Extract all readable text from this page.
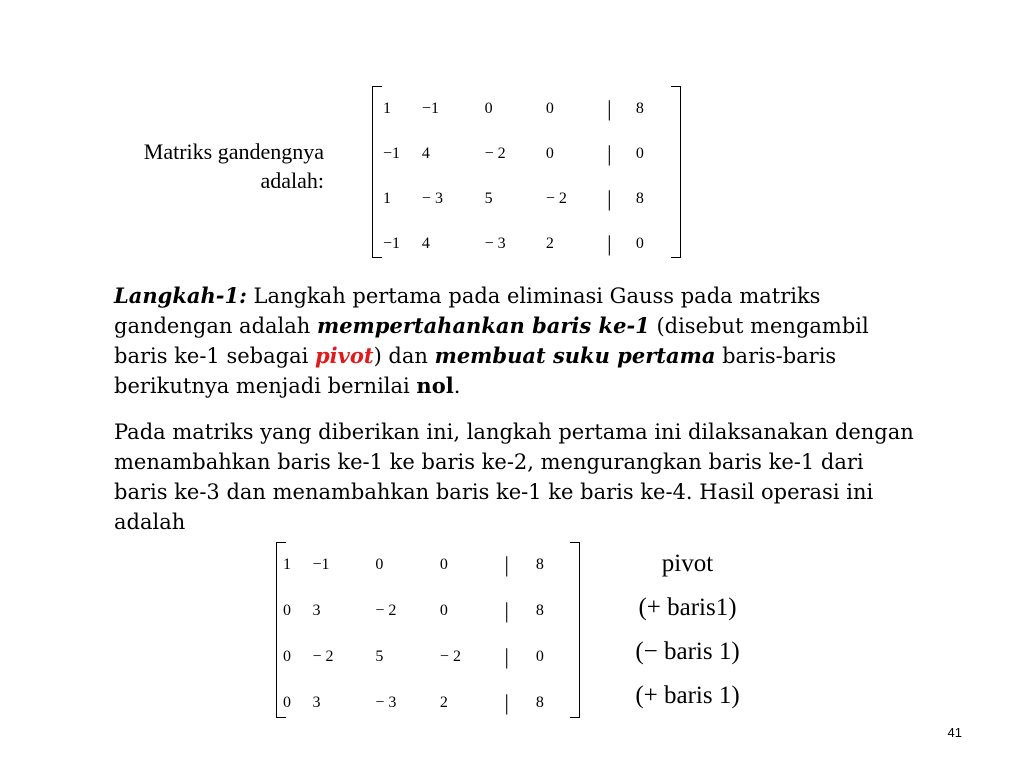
Matriks gandengnya
adalah:
1	−1	0	0	|	8
−1	4	− 2	0	|	0
1	− 3	5	− 2	|	8
−1	4	− 3	2	|	0
Langkah-1: Langkah pertama pada eliminasi Gauss pada matriks gandengan adalah mempertahankan baris ke-1 (disebut mengambil baris ke-1 sebagai pivot) dan membuat suku pertama baris-baris berikutnya menjadi bernilai nol.
Pada matriks yang diberikan ini, langkah pertama ini dilaksanakan dengan menambahkan baris ke-1 ke baris ke-2, mengurangkan baris ke-1 dari baris ke-3 dan menambahkan baris ke-1 ke baris ke-4. Hasil operasi ini adalah
1	−1	0	0	|	8
0	3	− 2	0	|	8
0	− 2	5	− 2	|	0
0	3	− 3	2	|	8
pivot
(+ baris1)
(− baris 1)
(+ baris 1)
41
